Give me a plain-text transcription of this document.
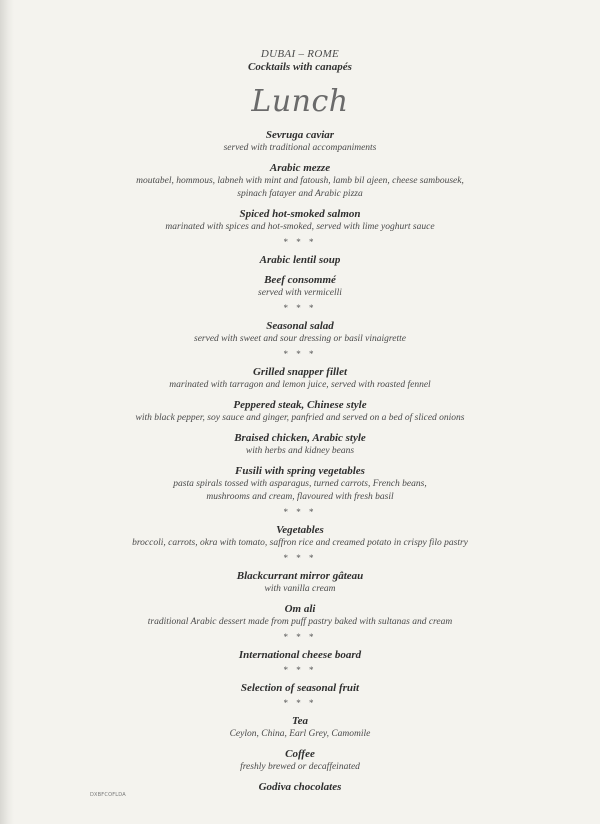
DUBAI – ROME
Cocktails with canapés
Lunch
Sevruga caviar
served with traditional accompaniments
Arabic mezze
moutabel, hommous, labneh with mint and fatoush, lamb bil ajeen, cheese sambousek,
spinach fatayer and Arabic pizza
Spiced hot-smoked salmon
marinated with spices and hot-smoked, served with lime yoghurt sauce
* * *
Arabic lentil soup
Beef consommé
served with vermicelli
* * *
Seasonal salad
served with sweet and sour dressing or basil vinaigrette
* * *
Grilled snapper fillet
marinated with tarragon and lemon juice, served with roasted fennel
Peppered steak, Chinese style
with black pepper, soy sauce and ginger, panfried and served on a bed of sliced onions
Braised chicken, Arabic style
with herbs and kidney beans
Fusili with spring vegetables
pasta spirals tossed with asparagus, turned carrots, French beans,
mushrooms and cream, flavoured with fresh basil
* * *
Vegetables
broccoli, carrots, okra with tomato, saffron rice and creamed potato in crispy filo pastry
* * *
Blackcurrant mirror gâteau
with vanilla cream
Om ali
traditional Arabic dessert made from puff pastry baked with sultanas and cream
* * *
International cheese board
* * *
Selection of seasonal fruit
* * *
Tea
Ceylon, China, Earl Grey, Camomile
Coffee
freshly brewed or decaffeinated
Godiva chocolates
DXBFCOFLDA
